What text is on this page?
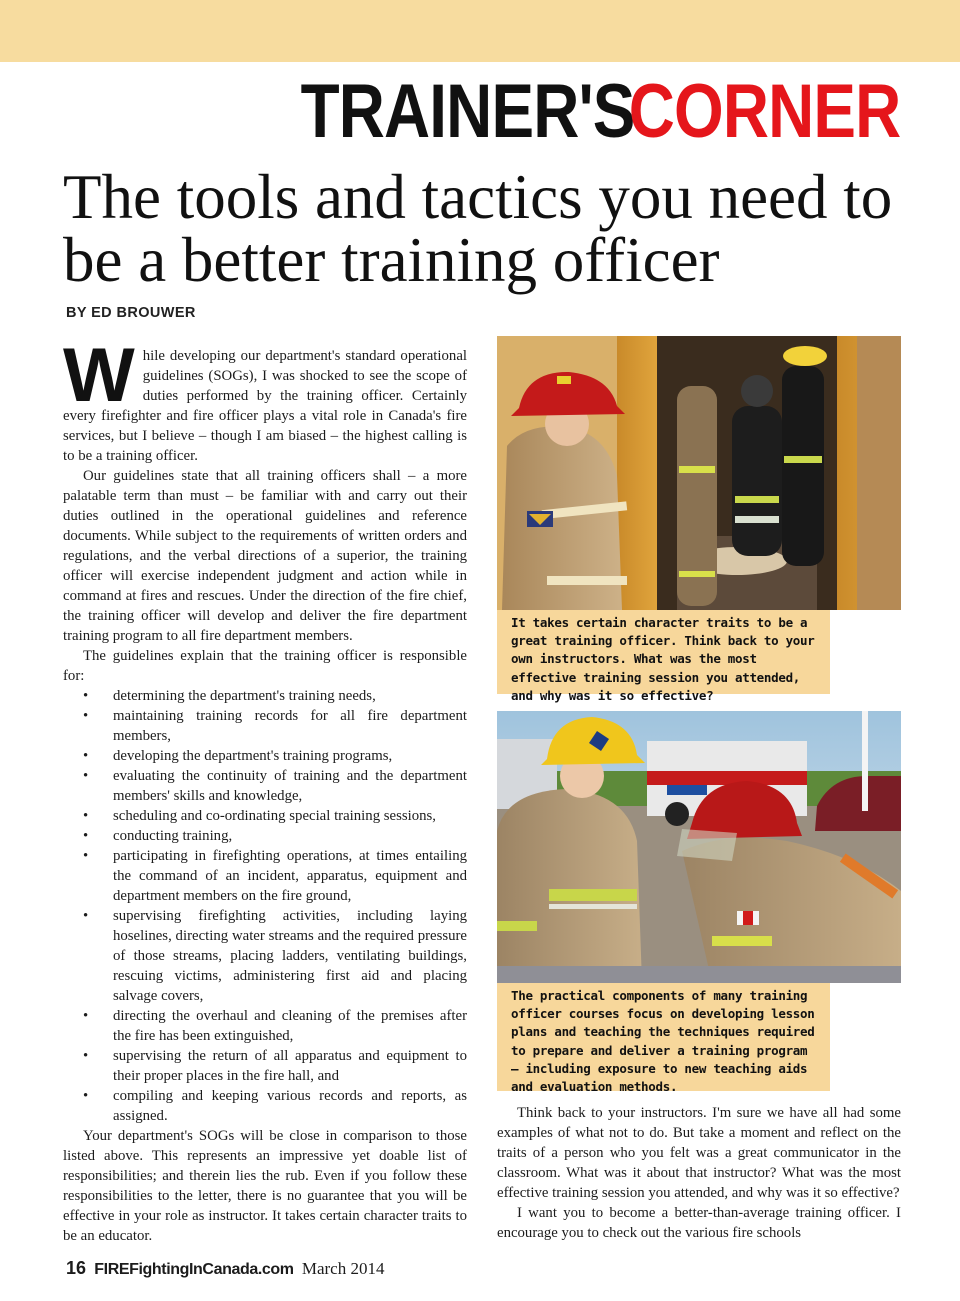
TRAINER'SCORNER
The tools and tactics you need to be a better training officer
BY ED BROUWER

While developing our department's standard operational guidelines (SOGs), I was shocked to see the scope of duties performed by the training officer. Certainly every firefighter and fire officer plays a vital role in Canada's fire services, but I believe – though I am biased – the highest calling is to be a training officer.

Our guidelines state that all training officers shall – a more palatable term than must – be familiar with and carry out their duties outlined in the operational guidelines and reference documents. While subject to the requirements of written orders and regulations, and the verbal directions of a superior, the training officer will exercise independent judgment and action while in command at fires and rescues. Under the direction of the fire chief, the training officer will develop and deliver the fire department training program to all fire department members.

The guidelines explain that the training officer is responsible for:

• determining the department's training needs,
• maintaining training records for all fire department members,
• developing the department's training programs,
• evaluating the continuity of training and the department members' skills and knowledge,
• scheduling and co-ordinating special training sessions,
• conducting training,
• participating in firefighting operations, at times entailing the command of an incident, apparatus, equipment and department members on the fire ground,
• supervising firefighting activities, including laying hoselines, directing water streams and the required pressure of those streams, placing ladders, ventilating buildings, rescuing victims, administering first aid and placing salvage covers,
• directing the overhaul and cleaning of the premises after the fire has been extinguished,
• supervising the return of all apparatus and equipment to their proper places in the fire hall, and
• compiling and keeping various records and reports, as assigned.

Your department's SOGs will be close in comparison to those listed above. This represents an impressive yet doable list of responsibilities; and therein lies the rub. Even if you follow these responsibilities to the letter, there is no guarantee that you will be effective in your role as instructor. It takes certain character traits to be an educator.

It takes certain character traits to be a great training officer. Think back to your own instructors. What was the most effective training session you attended, and why was it so effective?
The practical components of many training officer courses focus on developing lesson plans and teaching the techniques required to prepare and deliver a training program – including exposure to new teaching aids and evaluation methods.

Think back to your instructors. I'm sure we have all had some examples of what not to do. But take a moment and reflect on the traits of a person who you felt was a great communicator in the classroom. What was it about that instructor? What was the most effective training session you attended, and why was it so effective?

I want you to become a better-than-average training officer. I encourage you to check out the various fire schools

16 FIREFightingInCanada.com March 2014
